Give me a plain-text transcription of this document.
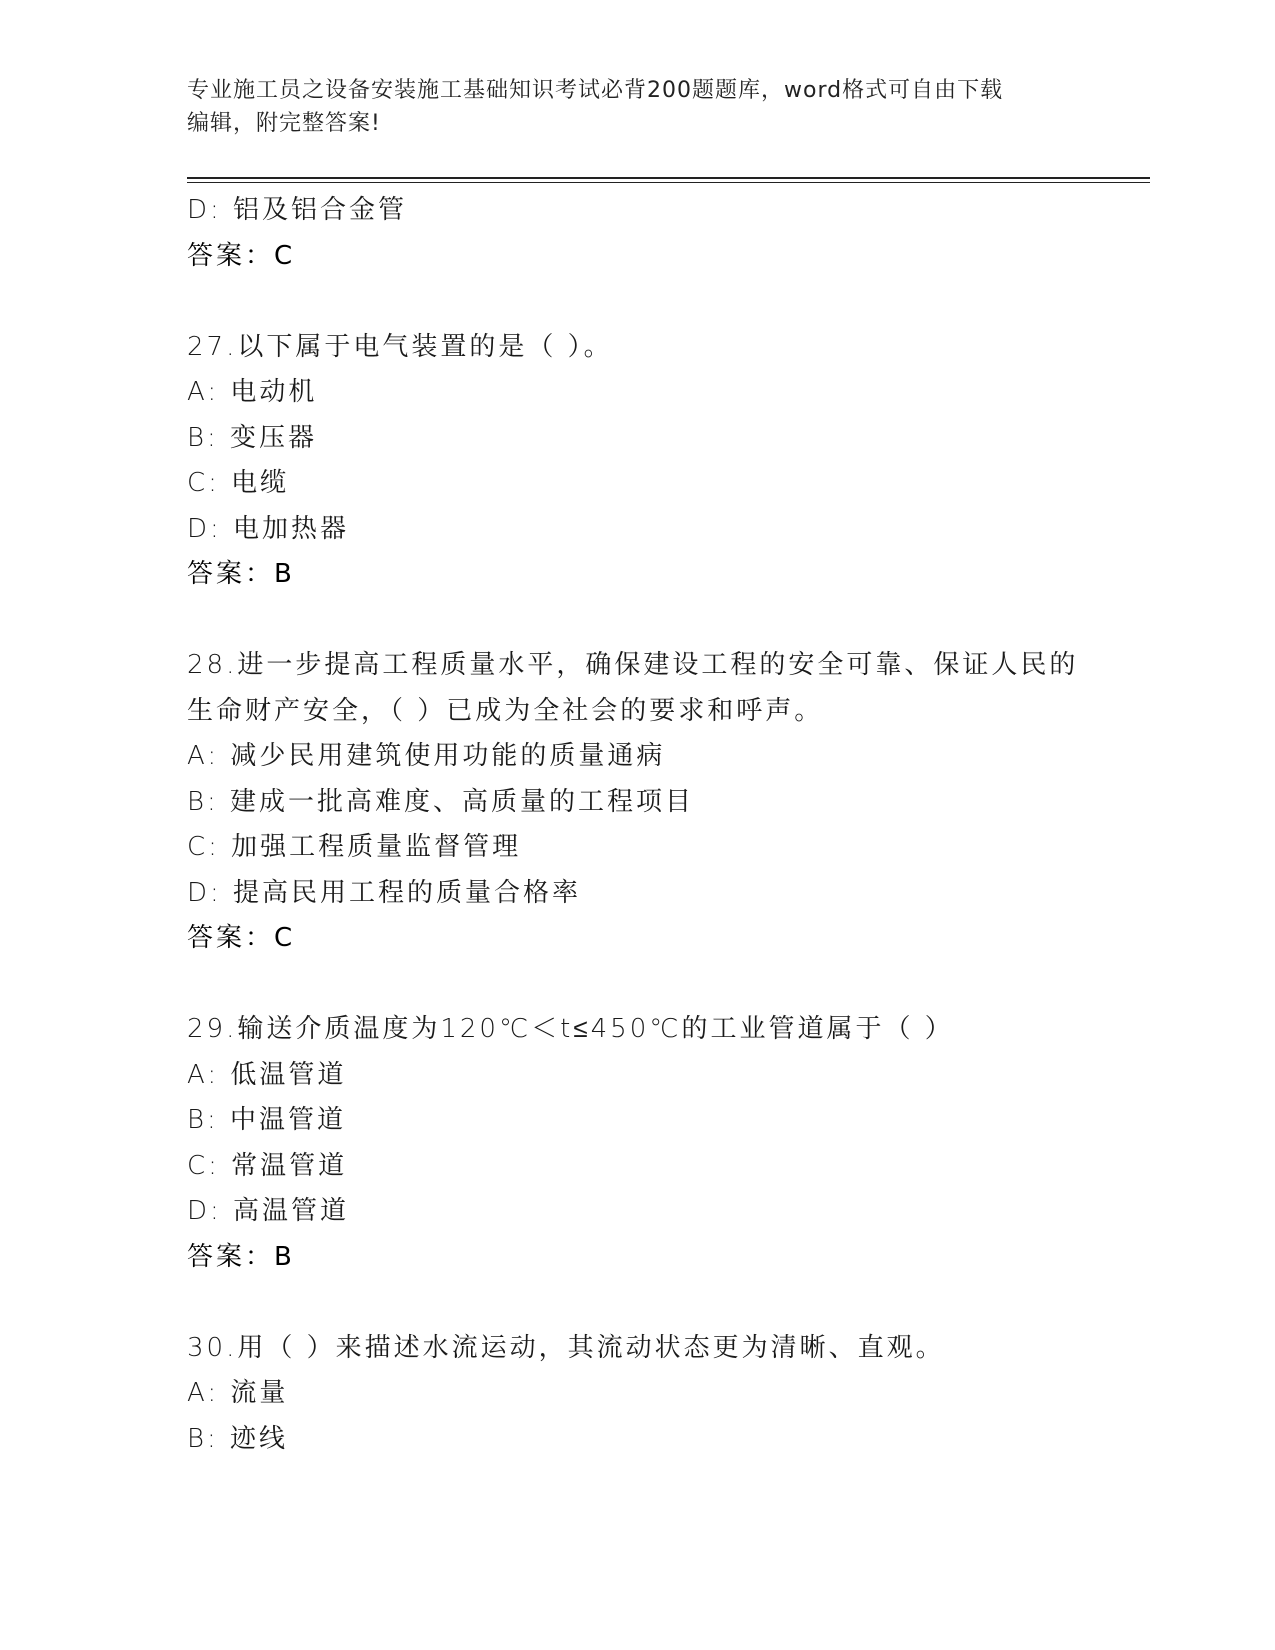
专业施工员之设备安装施工基础知识考试必背200题题库，word格式可自由下载
编辑，附完整答案!
D: 铝及铝合金管
答案：C
27.以下属于电气装置的是（ ）。
A: 电动机
B: 变压器
C: 电缆
D: 电加热器
答案：B
28.进一步提高工程质量水平，确保建设工程的安全可靠、保证人民的
生命财产安全，（ ）已成为全社会的要求和呼声。
A: 减少民用建筑使用功能的质量通病
B: 建成一批高难度、高质量的工程项目
C: 加强工程质量监督管理
D: 提高民用工程的质量合格率
答案：C
29.输送介质温度为120℃＜t≤450℃的工业管道属于（ ）
A: 低温管道
B: 中温管道
C: 常温管道
D: 高温管道
答案：B
30.用（ ）来描述水流运动，其流动状态更为清晰、直观。
A: 流量
B: 迹线
